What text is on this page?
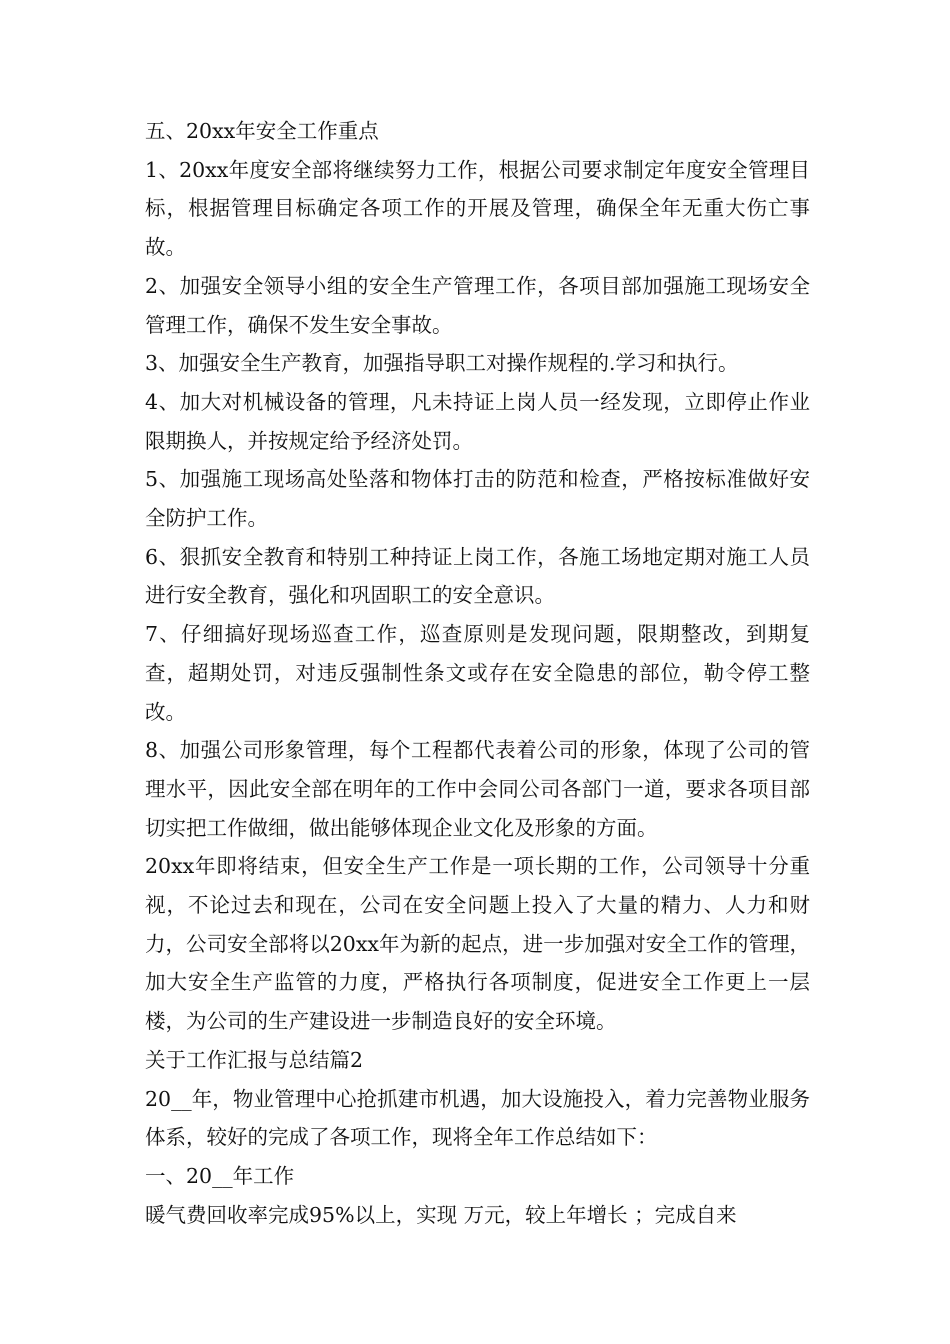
五、20xx年安全工作重点

1、20xx年度安全部将继续努力工作，根据公司要求制定年度安全管理目标，根据管理目标确定各项工作的开展及管理，确保全年无重大伤亡事故。

2、加强安全领导小组的安全生产管理工作，各项目部加强施工现场安全管理工作，确保不发生安全事故。

3、加强安全生产教育，加强指导职工对操作规程的.学习和执行。

4、加大对机械设备的管理，凡未持证上岗人员一经发现，立即停止作业限期换人，并按规定给予经济处罚。

5、加强施工现场高处坠落和物体打击的防范和检查，严格按标准做好安全防护工作。

6、狠抓安全教育和特别工种持证上岗工作，各施工场地定期对施工人员进行安全教育，强化和巩固职工的安全意识。

7、仔细搞好现场巡查工作，巡查原则是发现问题，限期整改，到期复查，超期处罚，对违反强制性条文或存在安全隐患的部位，勒令停工整改。

8、加强公司形象管理，每个工程都代表着公司的形象，体现了公司的管理水平，因此安全部在明年的工作中会同公司各部门一道，要求各项目部切实把工作做细，做出能够体现企业文化及形象的方面。

20xx年即将结束，但安全生产工作是一项长期的工作，公司领导十分重视，不论过去和现在，公司在安全问题上投入了大量的精力、人力和财力，公司安全部将以20xx年为新的起点，进一步加强对安全工作的管理，加大安全生产监管的力度，严格执行各项制度，促进安全工作更上一层楼，为公司的生产建设进一步制造良好的安全环境。

关于工作汇报与总结篇2

20__年，物业管理中心抢抓建市机遇，加大设施投入，着力完善物业服务体系，较好的完成了各项工作，现将全年工作总结如下：

一、20__年工作

暖气费回收率完成95%以上，实现 万元，较上年增长 ；完成自来
